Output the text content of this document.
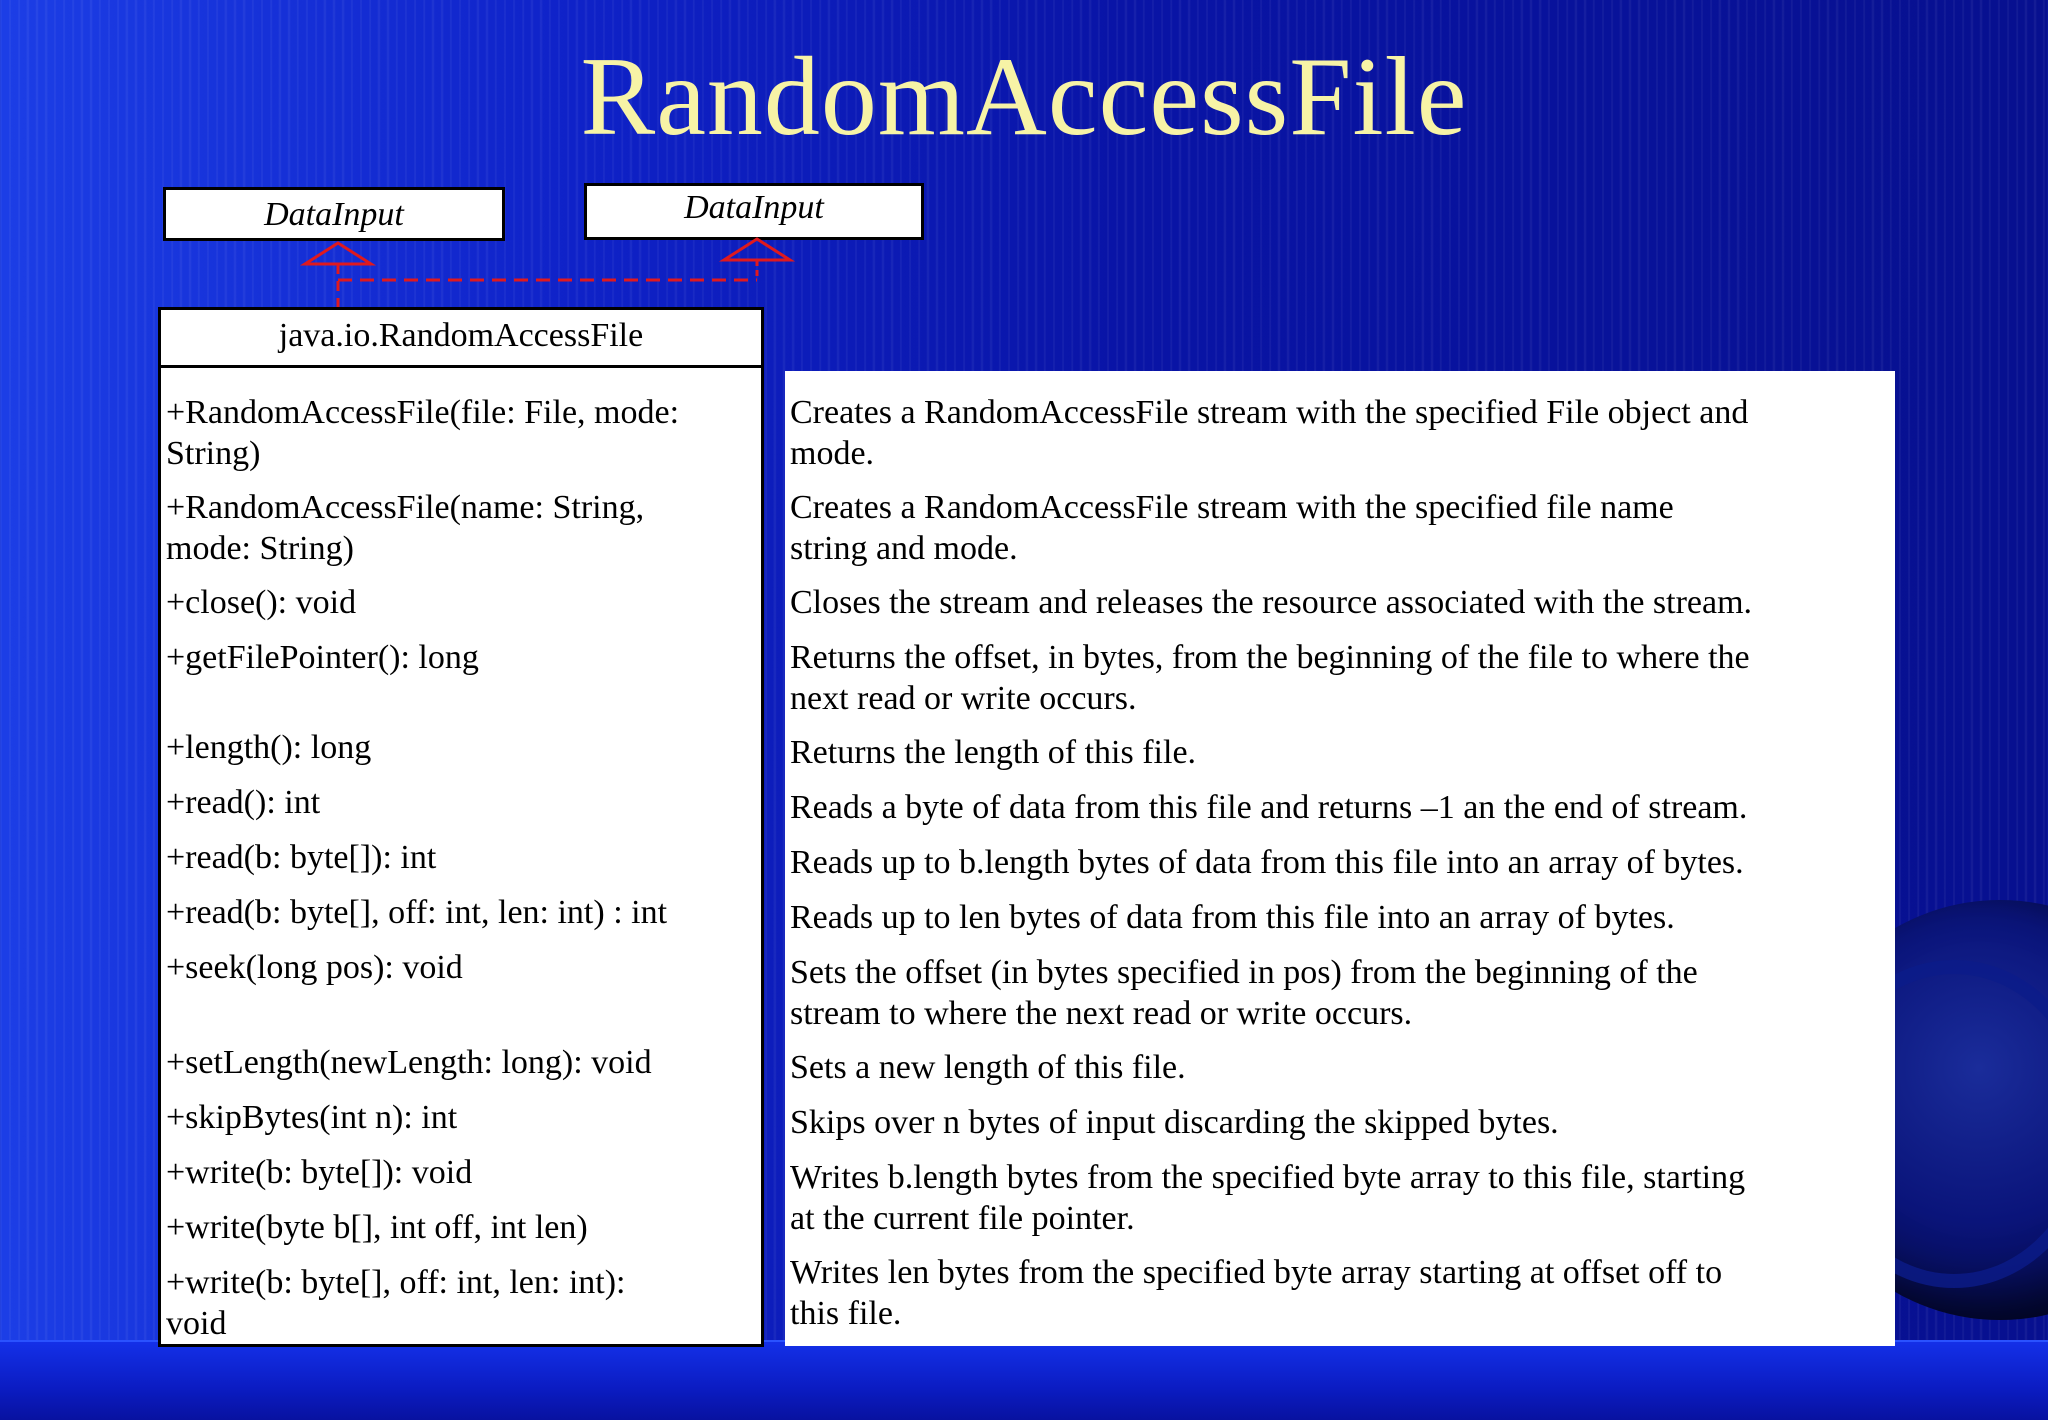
RandomAccessFile
DataInput	DataInput
java.io.RandomAccessFile
+RandomAccessFile(file: File, mode:
String)
+RandomAccessFile(name: String,
mode: String)
+close(): void
+getFilePointer(): long
+length(): long
+read(): int
+read(b: byte[]): int
+read(b: byte[], off: int, len: int) : int
+seek(long pos): void
+setLength(newLength: long): void
+skipBytes(int n): int
+write(b: byte[]): void
+write(byte b[], int off, int len)
+write(b: byte[], off: int, len: int):
void
Creates a RandomAccessFile stream with the specified File object and
mode.
Creates a RandomAccessFile stream with the specified file name
string and mode.
Closes the stream and releases the resource associated with the stream.
Returns the offset, in bytes, from the beginning of the file to where the
next read or write occurs.
Returns the length of this file.
Reads a byte of data from this file and returns –1 an the end of stream.
Reads up to b.length bytes of data from this file into an array of bytes.
Reads up to len bytes of data from this file into an array of bytes.
Sets the offset (in bytes specified in pos) from the beginning of the
stream to where the next read or write occurs.
Sets a new length of this file.
Skips over n bytes of input discarding the skipped bytes.
Writes b.length bytes from the specified byte array to this file, starting
at the current file pointer.
Writes len bytes from the specified byte array starting at offset off to
this file.
